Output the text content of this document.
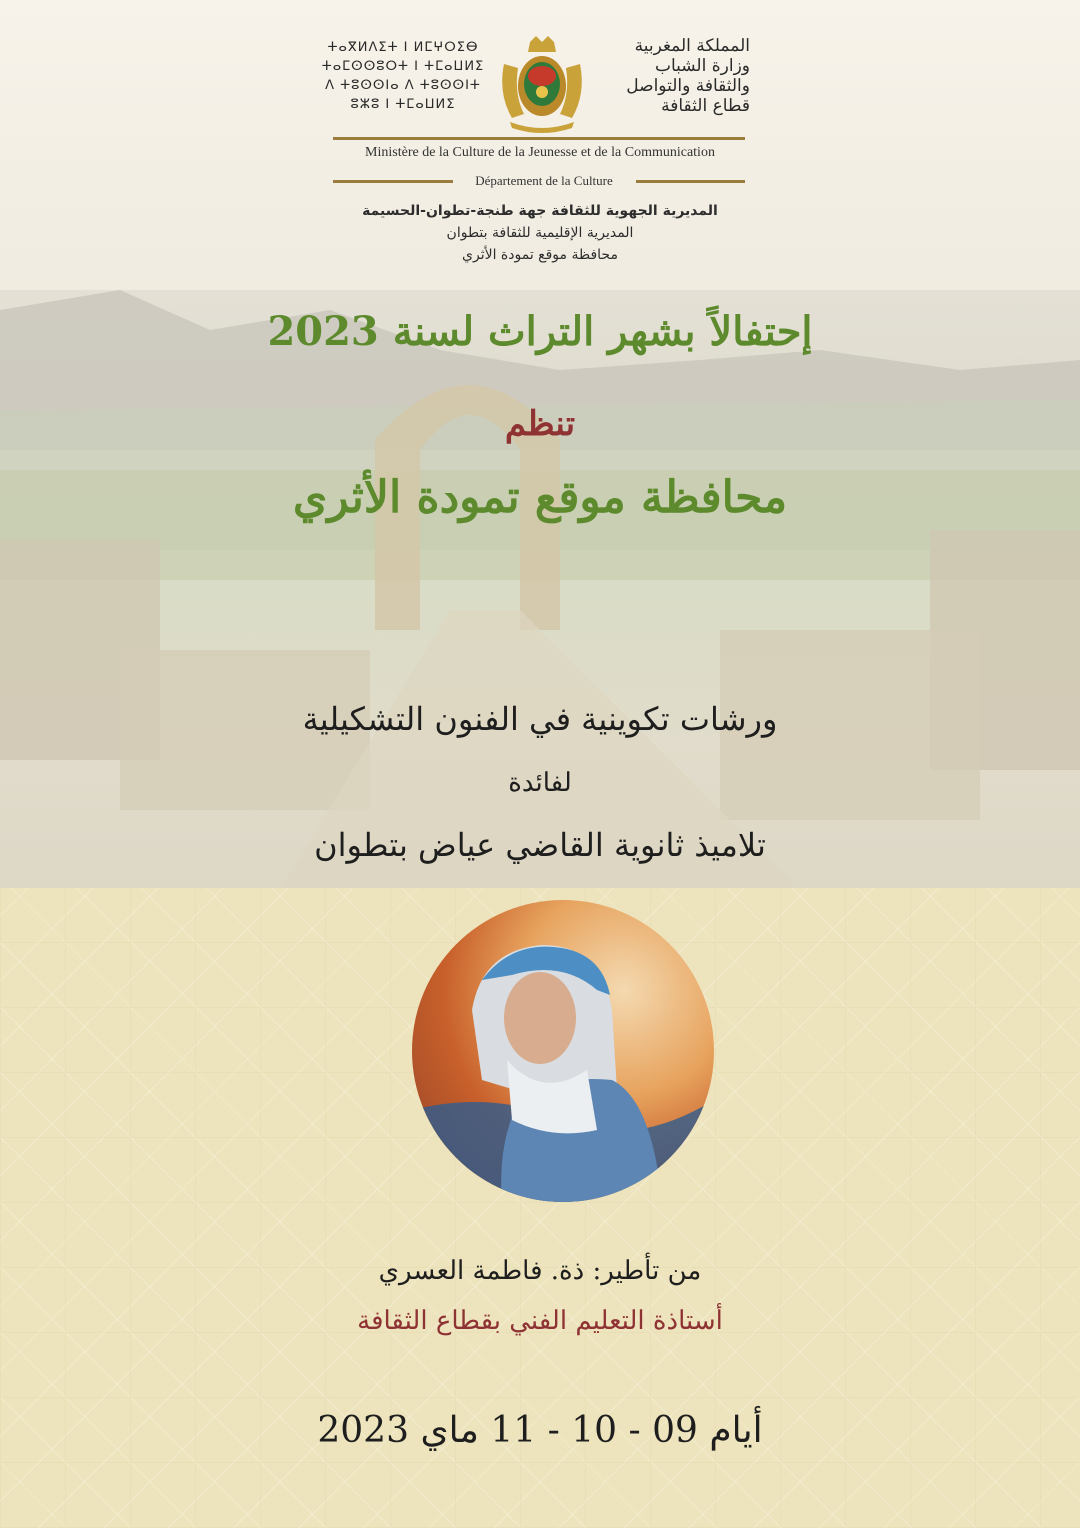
ⵜⴰⴳⵍⴷⵉⵜ ⵏ ⵍⵎⵖⵔⵉⴱ
ⵜⴰⵎⵙⵙⵓⵔⵜ ⵏ ⵜⵎⴰⵡⵍⵉ
ⴷ ⵜⵓⵙⵙⵏⴰ ⴷ ⵜⵓⵙⵙⵏⵜ
ⵓⵣⵓ ⵏ ⵜⵎⴰⵡⵍⵉ
المملكة المغربية
وزارة الشباب
والثقافة والتواصل
قطاع الثقافة
Ministère de la Culture de la Jeunesse et de la Communication
Département de la Culture
المديرية الجهوية للثقافة جهة طنجة-تطوان-الحسيمة
المديرية الإقليمية للثقافة بتطوان
محافظة موقع تمودة الأثري
إحتفالاً بشهر التراث لسنة 2023
تنظم
محافظة موقع تمودة الأثري
ورشات تكوينية في الفنون التشكيلية
لفائدة
تلاميذ ثانوية القاضي عياض بتطوان
من تأطير: ذة. فاطمة العسري
أستاذة التعليم الفني بقطاع الثقافة
أيام 09 - 10 - 11 ماي 2023
